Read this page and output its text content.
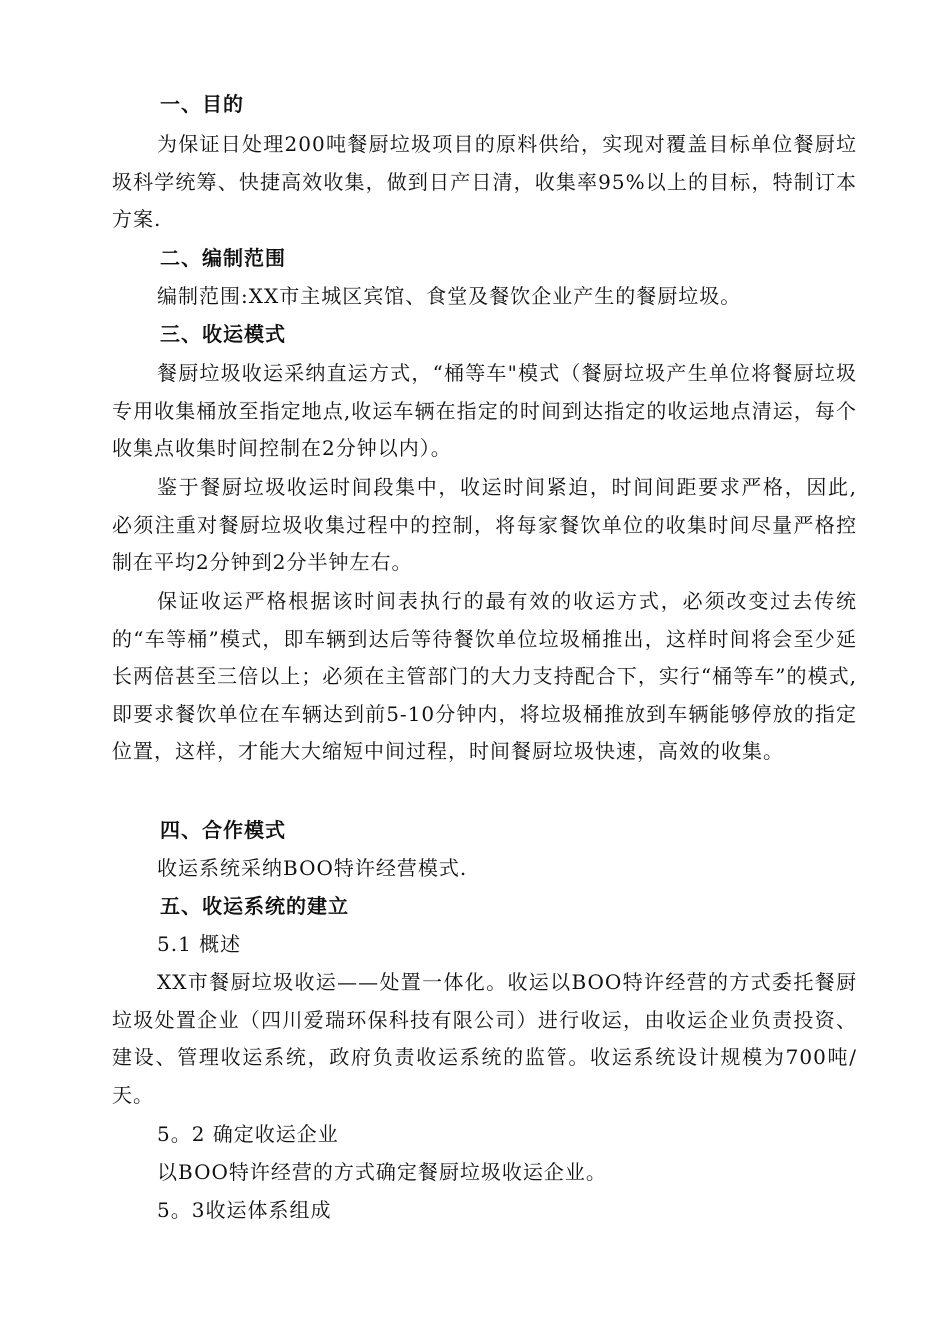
一、目的
为保证日处理200吨餐厨垃圾项目的原料供给，实现对覆盖目标单位餐厨垃圾科学统筹、快捷高效收集，做到日产日清，收集率95%以上的目标，特制订本方案.
二、编制范围
编制范围:XX市主城区宾馆、食堂及餐饮企业产生的餐厨垃圾。
三、收运模式
餐厨垃圾收运采纳直运方式，“桶等车"模式（餐厨垃圾产生单位将餐厨垃圾专用收集桶放至指定地点,收运车辆在指定的时间到达指定的收运地点清运，每个收集点收集时间控制在2分钟以内）。
鉴于餐厨垃圾收运时间段集中，收运时间紧迫，时间间距要求严格，因此,必须注重对餐厨垃圾收集过程中的控制，将每家餐饮单位的收集时间尽量严格控制在平均2分钟到2分半钟左右。
保证收运严格根据该时间表执行的最有效的收运方式，必须改变过去传统的“车等桶”模式，即车辆到达后等待餐饮单位垃圾桶推出，这样时间将会至少延长两倍甚至三倍以上；必须在主管部门的大力支持配合下，实行“桶等车”的模式,即要求餐饮单位在车辆达到前5-10分钟内，将垃圾桶推放到车辆能够停放的指定位置，这样，才能大大缩短中间过程，时间餐厨垃圾快速，高效的收集。
四、合作模式
收运系统采纳BOO特许经营模式.
五、收运系统的建立
5.1 概述
XX市餐厨垃圾收运——处置一体化。收运以BOO特许经营的方式委托餐厨垃圾处置企业（四川爱瑞环保科技有限公司）进行收运，由收运企业负责投资、建设、管理收运系统，政府负责收运系统的监管。收运系统设计规模为700吨/天。
5。2 确定收运企业
以BOO特许经营的方式确定餐厨垃圾收运企业。
5。3收运体系组成
